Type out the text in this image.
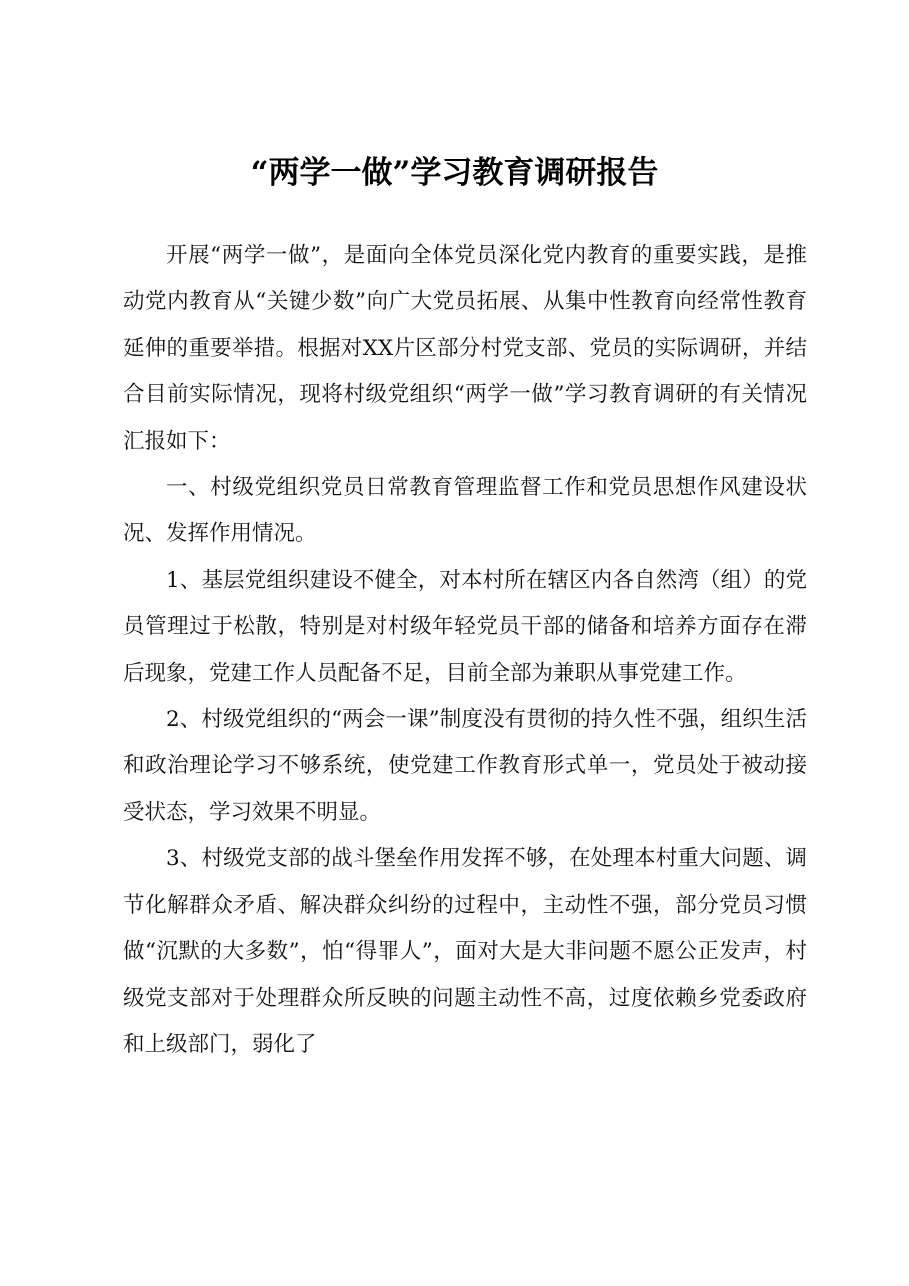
“两学一做”学习教育调研报告

开展“两学一做”，是面向全体党员深化党内教育的重要实践，是推动党内教育从“关键少数”向广大党员拓展、从集中性教育向经常性教育延伸的重要举措。根据对XX片区部分村党支部、党员的实际调研，并结合目前实际情况，现将村级党组织“两学一做”学习教育调研的有关情况汇报如下：

一、村级党组织党员日常教育管理监督工作和党员思想作风建设状况、发挥作用情况。

1、基层党组织建设不健全，对本村所在辖区内各自然湾（组）的党员管理过于松散，特别是对村级年轻党员干部的储备和培养方面存在滞后现象，党建工作人员配备不足，目前全部为兼职从事党建工作。

2、村级党组织的“两会一课”制度没有贯彻的持久性不强，组织生活和政治理论学习不够系统，使党建工作教育形式单一，党员处于被动接受状态，学习效果不明显。

3、村级党支部的战斗堡垒作用发挥不够，在处理本村重大问题、调节化解群众矛盾、解决群众纠纷的过程中，主动性不强，部分党员习惯做“沉默的大多数”，怕“得罪人”，面对大是大非问题不愿公正发声，村级党支部对于处理群众所反映的问题主动性不高，过度依赖乡党委政府和上级部门，弱化了
